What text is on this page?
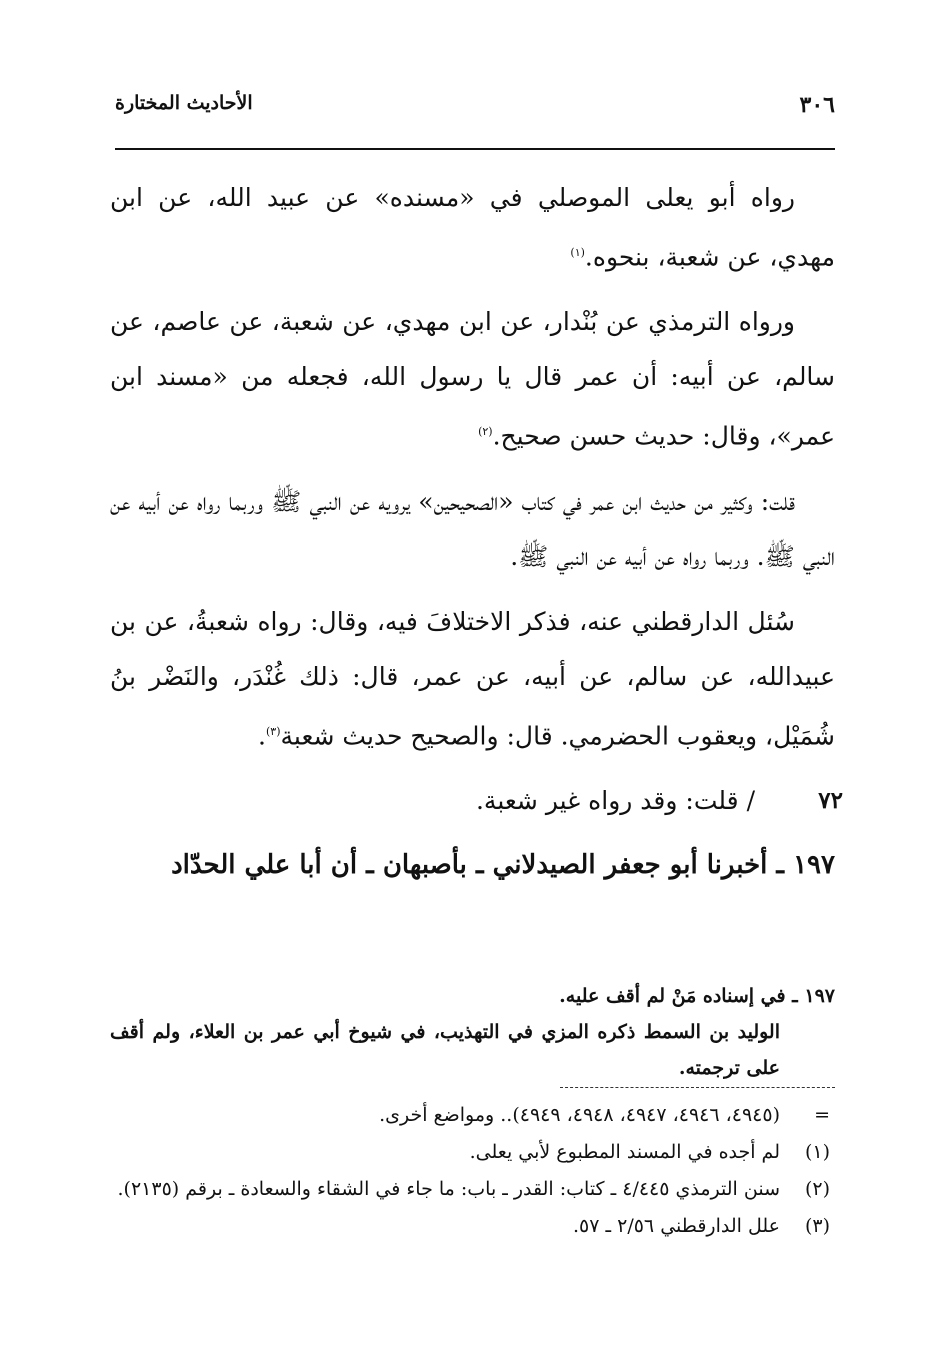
٣٠٦
الأحاديث المختارة

رواه أبو يعلى الموصلي في «مسنده» عن عبيد الله، عن ابن مهدي، عن شعبة، بنحوه.$^{(١)}$

ورواه الترمذي عن بُنْدار، عن ابن مهدي، عن شعبة، عن عاصم، عن سالم، عن أبيه: أن عمر قال يا رسول الله، فجعله من «مسند ابن عمر»، وقال: حديث حسن صحيح.$^{(٢)}$

قلت: وكثير من حديث ابن عمر في كتاب «الصحيحين» يرويه عن النبي ﷺ وربما رواه عن أبيه عن النبي ﷺ. وربما رواه عن أبيه عن النبي ﷺ.

سُئل الدارقطني عنه، فذكر الاختلافَ فيه، وقال: رواه شعبةُ، عن بن عبيدالله، عن سالم، عن أبيه، عن عمر، قال: ذلك غُنْدَر، والنَضْر بنُ شُمَيْل، ويعقوب الحضرمي. قال: والصحيح حديث شعبة$^{(٣)}$.

٧٢
/ قلت: وقد رواه غير شعبة.

١٩٧ ـ أخبرنا أبو جعفر الصيدلاني ـ بأصبهان ـ أن أبا علي الحدّاد

١٩٧ ـ في إسناده مَنْ لم أقف عليه.

الوليد بن السمط ذكره المزي في التهذيب، في شيوخ أبي عمر بن العلاء، ولم أقف على ترجمته.

=
(٤٩٤٥، ٤٩٤٦، ٤٩٤٧، ٤٩٤٨، ٤٩٤٩).. ومواضع أخرى.
(١)
لم أجده في المسند المطبوع لأبي يعلى.
(٢)
سنن الترمذي ٤/٤٤٥ ـ كتاب: القدر ـ باب: ما جاء في الشقاء والسعادة ـ برقم (٢١٣٥).
(٣)
علل الدارقطني ٢/٥٦ ـ ٥٧.
